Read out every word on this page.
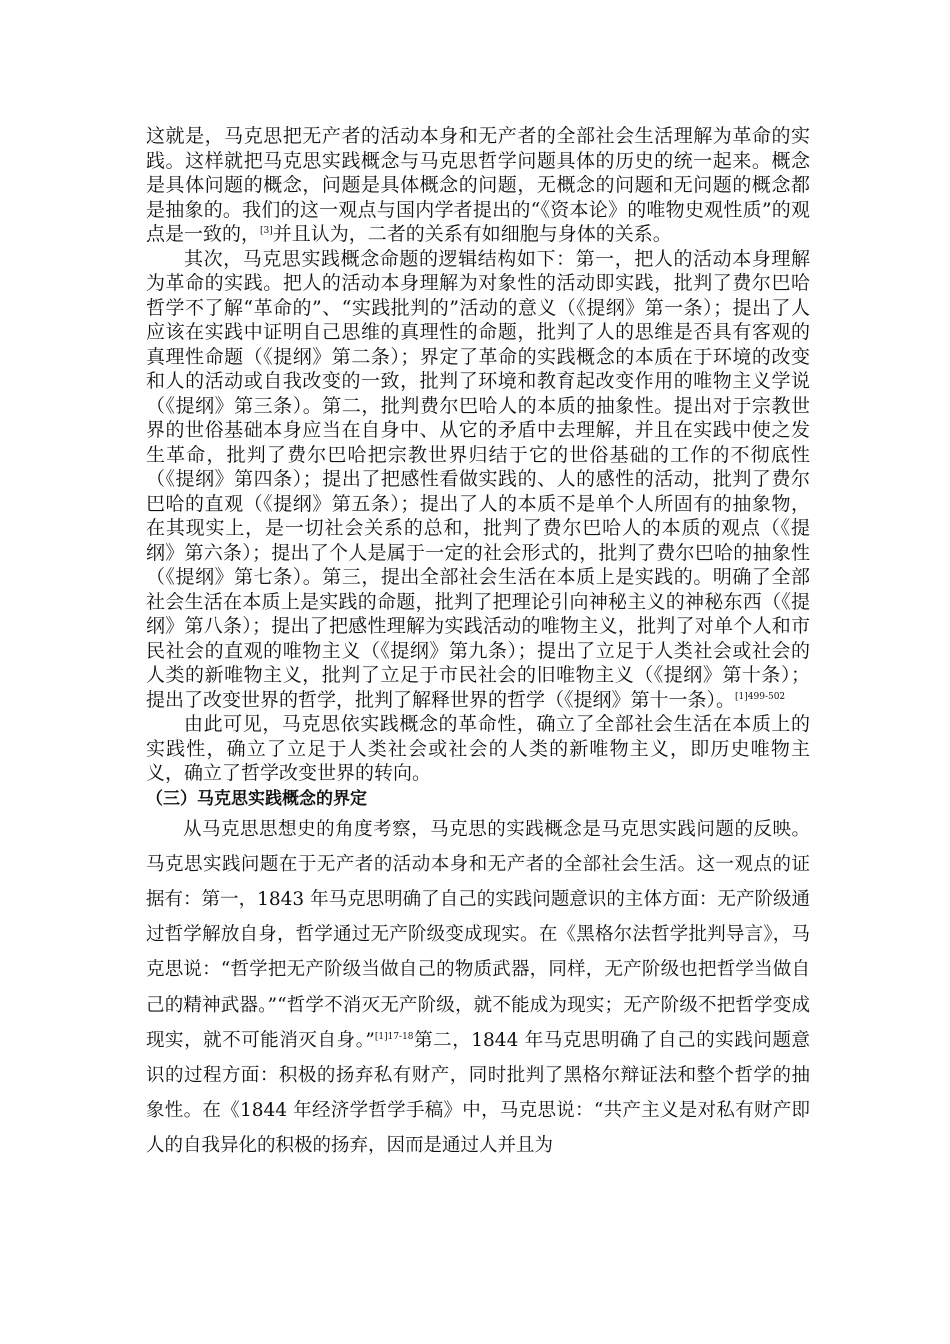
这就是，马克思把无产者的活动本身和无产者的全部社会生活理解为革命的实践。这样就把马克思实践概念与马克思哲学问题具体的历史的统一起来。概念是具体问题的概念，问题是具体概念的问题，无概念的问题和无问题的概念都是抽象的。我们的这一观点与国内学者提出的“《资本论》的唯物史观性质”的观点是一致的，[3]并且认为，二者的关系有如细胞与身体的关系。

其次，马克思实践概念命题的逻辑结构如下：第一，把人的活动本身理解为革命的实践。把人的活动本身理解为对象性的活动即实践，批判了费尔巴哈哲学不了解“革命的”、“实践批判的”活动的意义（《提纲》第一条）；提出了人应该在实践中证明自己思维的真理性的命题，批判了人的思维是否具有客观的真理性命题（《提纲》第二条）；界定了革命的实践概念的本质在于环境的改变和人的活动或自我改变的一致，批判了环境和教育起改变作用的唯物主义学说（《提纲》第三条）。第二，批判费尔巴哈人的本质的抽象性。提出对于宗教世界的世俗基础本身应当在自身中、从它的矛盾中去理解，并且在实践中使之发生革命，批判了费尔巴哈把宗教世界归结于它的世俗基础的工作的不彻底性（《提纲》第四条）；提出了把感性看做实践的、人的感性的活动，批判了费尔巴哈的直观（《提纲》第五条）；提出了人的本质不是单个人所固有的抽象物，在其现实上，是一切社会关系的总和，批判了费尔巴哈人的本质的观点（《提纲》第六条）；提出了个人是属于一定的社会形式的，批判了费尔巴哈的抽象性（《提纲》第七条）。第三，提出全部社会生活在本质上是实践的。明确了全部社会生活在本质上是实践的命题，批判了把理论引向神秘主义的神秘东西（《提纲》第八条）；提出了把感性理解为实践活动的唯物主义，批判了对单个人和市民社会的直观的唯物主义（《提纲》第九条）；提出了立足于人类社会或社会的人类的新唯物主义，批判了立足于市民社会的旧唯物主义（《提纲》第十条）；提出了改变世界的哲学，批判了解释世界的哲学（《提纲》第十一条）。$^{[1]499-502}$

由此可见，马克思依实践概念的革命性，确立了全部社会生活在本质上的实践性，确立了立足于人类社会或社会的人类的新唯物主义，即历史唯物主义，确立了哲学改变世界的转向。

（三）马克思实践概念的界定

从马克思思想史的角度考察，马克思的实践概念是马克思实践问题的反映。马克思实践问题在于无产者的活动本身和无产者的全部社会生活。这一观点的证据有：第一，1843 年马克思明确了自己的实践问题意识的主体方面：无产阶级通过哲学解放自身，哲学通过无产阶级变成现实。在《黑格尔法哲学批判导言》，马克思说：“哲学把无产阶级当做自己的物质武器，同样，无产阶级也把哲学当做自己的精神武器。”“哲学不消灭无产阶级，就不能成为现实；无产阶级不把哲学变成现实，就不可能消灭自身。”$^{[1]17-18}$第二，1844 年马克思明确了自己的实践问题意识的过程方面：积极的扬弃私有财产，同时批判了黑格尔辩证法和整个哲学的抽象性。在《1844 年经济学哲学手稿》中，马克思说：“共产主义是对私有财产即人的自我异化的积极的扬弃，因而是通过人并且为
